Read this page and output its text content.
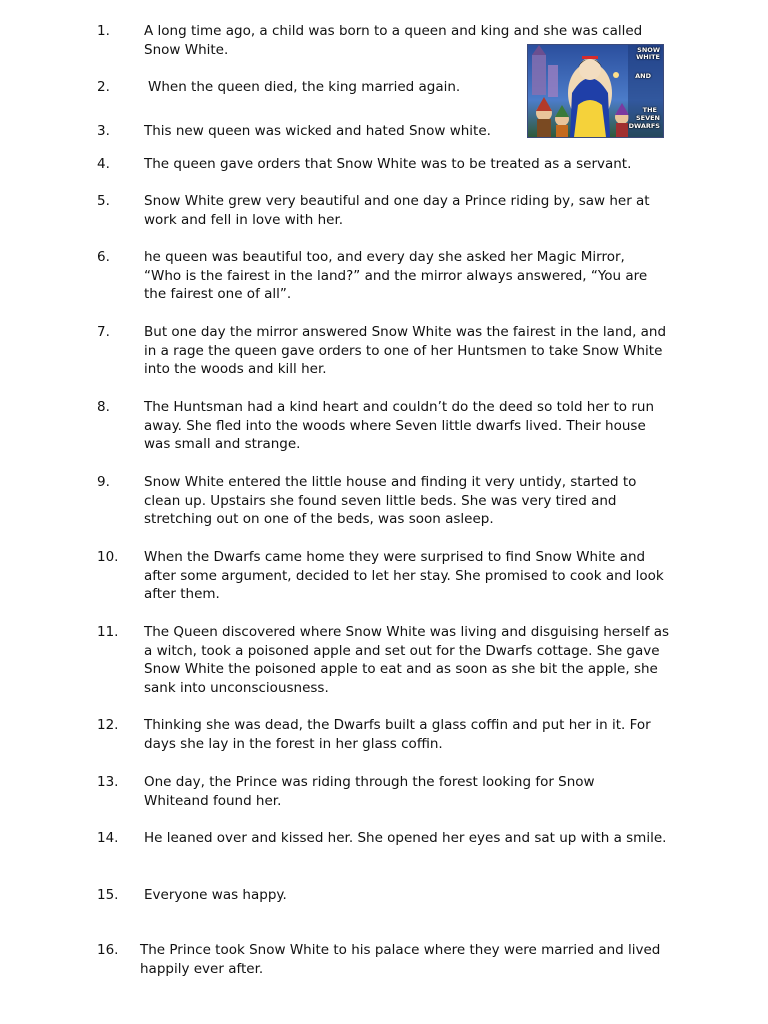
1.	A long time ago, a child was born to a queen and king and she was called Snow White.
2.	When the queen died, the king married again.
3.	This new queen was wicked and hated Snow white.
4.	The queen gave orders that Snow White was to be treated as a servant.
5.	Snow White grew very beautiful and one day a Prince riding by, saw her at work and fell in love with her.
6.	he queen was beautiful too, and every day she asked her Magic Mirror, “Who is the fairest in the land?” and the mirror always answered, “You are the fairest one of all”.
7.	But one day the mirror answered Snow White was the fairest in the land, and in a rage the queen gave orders to one of her Huntsmen to take Snow White into the woods and kill her.
8.	The Huntsman had a kind heart and couldn’t do the deed so told her to run away. She fled into the woods where Seven little dwarfs lived. Their house was small and strange.
9.	Snow White entered the little house and finding it very untidy, started to clean up. Upstairs she found seven little beds. She was very tired and stretching out on one of the beds, was soon asleep.
10. When the Dwarfs came home they were surprised to find Snow White and after some argument, decided to let her stay. She promised to cook and look after them.
11. The Queen discovered where Snow White was living and disguising herself as a witch, took a poisoned apple and set out for the Dwarfs cottage. She gave Snow White the poisoned apple to eat and as soon as she bit the apple, she sank into unconsciousness.
12. Thinking she was dead, the Dwarfs built a glass coffin and put her in it. For days she lay in the forest in her glass coffin.
13. One day, the Prince was riding through the forest looking for Snow Whiteand found her.
14. He leaned over and kissed her. She opened her eyes and sat up with a smile.
15. Everyone was happy.
16. The Prince took Snow White to his palace where they were married and lived happily ever after.
SNOW
WHITE
AND
THE
SEVEN
DWARFS
